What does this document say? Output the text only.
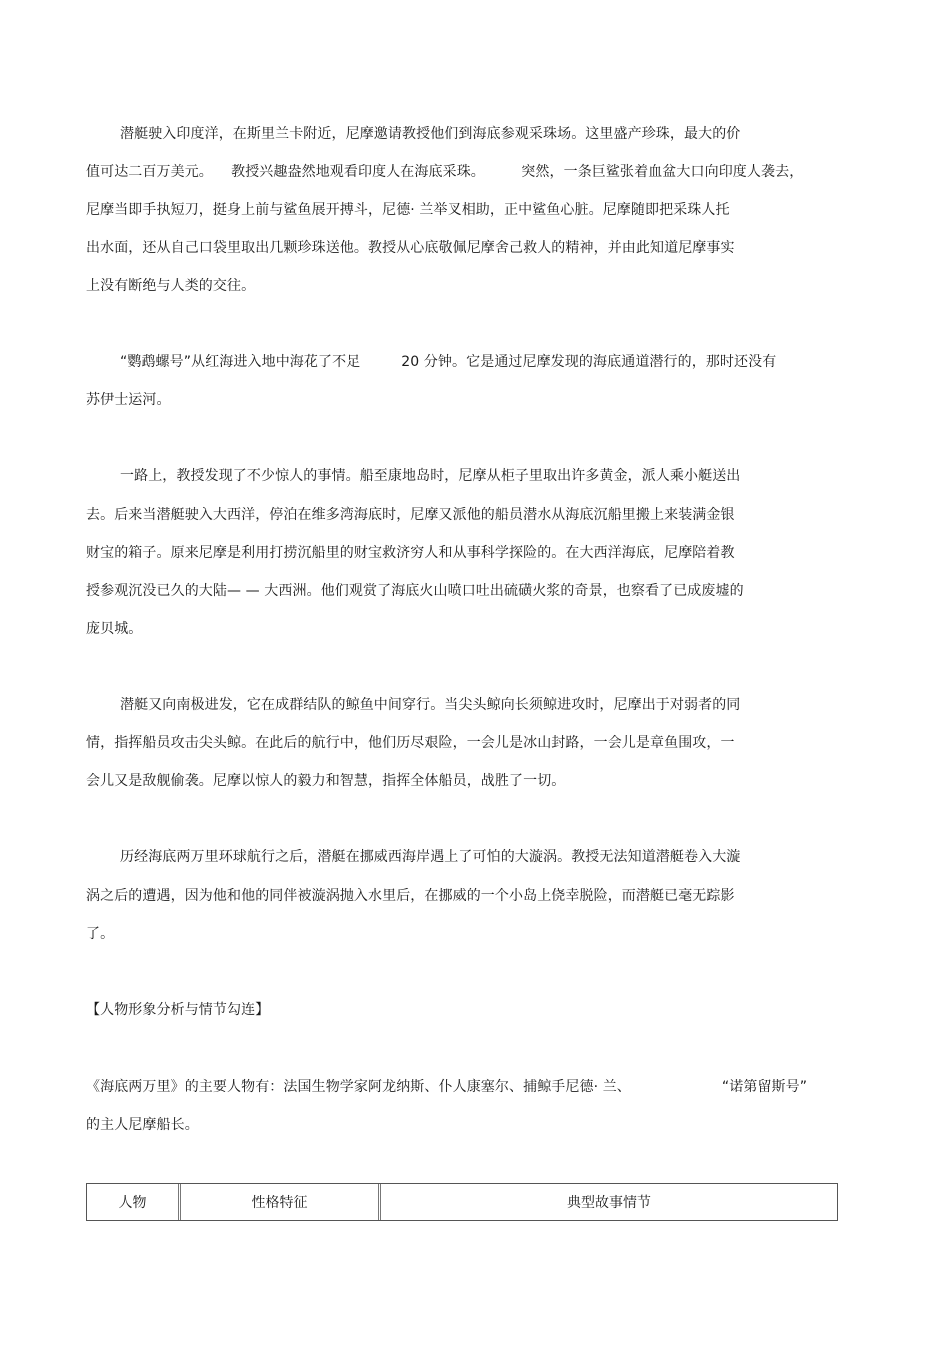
潜艇驶入印度洋，在斯里兰卡附近，尼摩邀请教授他们到海底参观采珠场。这里盛产珍珠，最大的价
值可达二百万美元。    教授兴趣盎然地观看印度人在海底采珠。        突然，一条巨鲨张着血盆大口向印度人袭去，
尼摩当即手执短刀，挺身上前与鲨鱼展开搏斗，尼德· 兰举叉相助，正中鲨鱼心脏。尼摩随即把采珠人托
出水面，还从自己口袋里取出几颗珍珠送他。教授从心底敬佩尼摩舍己救人的精神，并由此知道尼摩事实
上没有断绝与人类的交往。
“鹦鹉螺号”从红海进入地中海花了不足         20 分钟。它是通过尼摩发现的海底通道潜行的，那时还没有
苏伊士运河。
一路上，教授发现了不少惊人的事情。船至康地岛时，尼摩从柜子里取出许多黄金，派人乘小艇送出
去。后来当潜艇驶入大西洋，停泊在维多湾海底时，尼摩又派他的船员潜水从海底沉船里搬上来装满金银
财宝的箱子。原来尼摩是利用打捞沉船里的财宝救济穷人和从事科学探险的。在大西洋海底，尼摩陪着教
授参观沉没已久的大陆— — 大西洲。他们观赏了海底火山喷口吐出硫磺火浆的奇景，也察看了已成废墟的
庞贝城。
潜艇又向南极进发，它在成群结队的鲸鱼中间穿行。当尖头鲸向长须鲸进攻时，尼摩出于对弱者的同
情，指挥船员攻击尖头鲸。在此后的航行中，他们历尽艰险，一会儿是冰山封路，一会儿是章鱼围攻，一
会儿又是敌舰偷袭。尼摩以惊人的毅力和智慧，指挥全体船员，战胜了一切。
历经海底两万里环球航行之后，潜艇在挪威西海岸遇上了可怕的大漩涡。教授无法知道潜艇卷入大漩
涡之后的遭遇，因为他和他的同伴被漩涡抛入水里后，在挪威的一个小岛上侥幸脱险，而潜艇已毫无踪影
了。
【人物形象分析与情节勾连】
《海底两万里》的主要人物有：法国生物学家阿龙纳斯、仆人康塞尔、捕鲸手尼德· 兰、                    “诺第留斯号”
的主人尼摩船长。
人物	性格特征	典型故事情节
